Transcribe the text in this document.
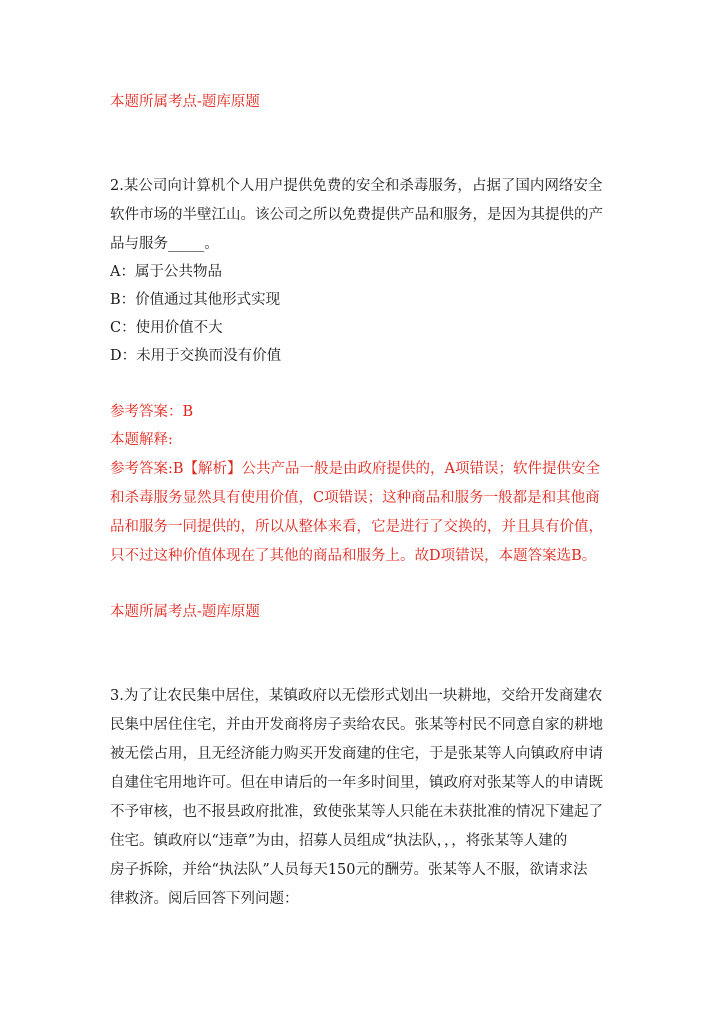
本题所属考点-题库原题
2.某公司向计算机个人用户提供免费的安全和杀毒服务，占据了国内网络安全
软件市场的半壁江山。该公司之所以免费提供产品和服务，是因为其提供的产
品与服务_____。
A：属于公共物品
B：价值通过其他形式实现
C：使用价值不大
D：未用于交换而没有价值
参考答案：B
本题解释:
参考答案:B【解析】公共产品一般是由政府提供的，A项错误；软件提供安全
和杀毒服务显然具有使用价值，C项错误；这种商品和服务一般都是和其他商
品和服务一同提供的，所以从整体来看，它是进行了交换的，并且具有价值，
只不过这种价值体现在了其他的商品和服务上。故D项错误，本题答案选B。
本题所属考点-题库原题
3.为了让农民集中居住，某镇政府以无偿形式划出一块耕地，交给开发商建农
民集中居住住宅，并由开发商将房子卖给农民。张某等村民不同意自家的耕地
被无偿占用，且无经济能力购买开发商建的住宅，于是张某等人向镇政府申请
自建住宅用地许可。但在申请后的一年多时间里，镇政府对张某等人的申请既
不予审核，也不报县政府批准，致使张某等人只能在未获批准的情况下建起了
住宅。镇政府以“违章”为由，招募人员组成“执法队，，，将张某等人建的
房子拆除，并给“执法队”人员每天150元的酬劳。张某等人不服，欲请求法
律救济。阅后回答下列问题：
